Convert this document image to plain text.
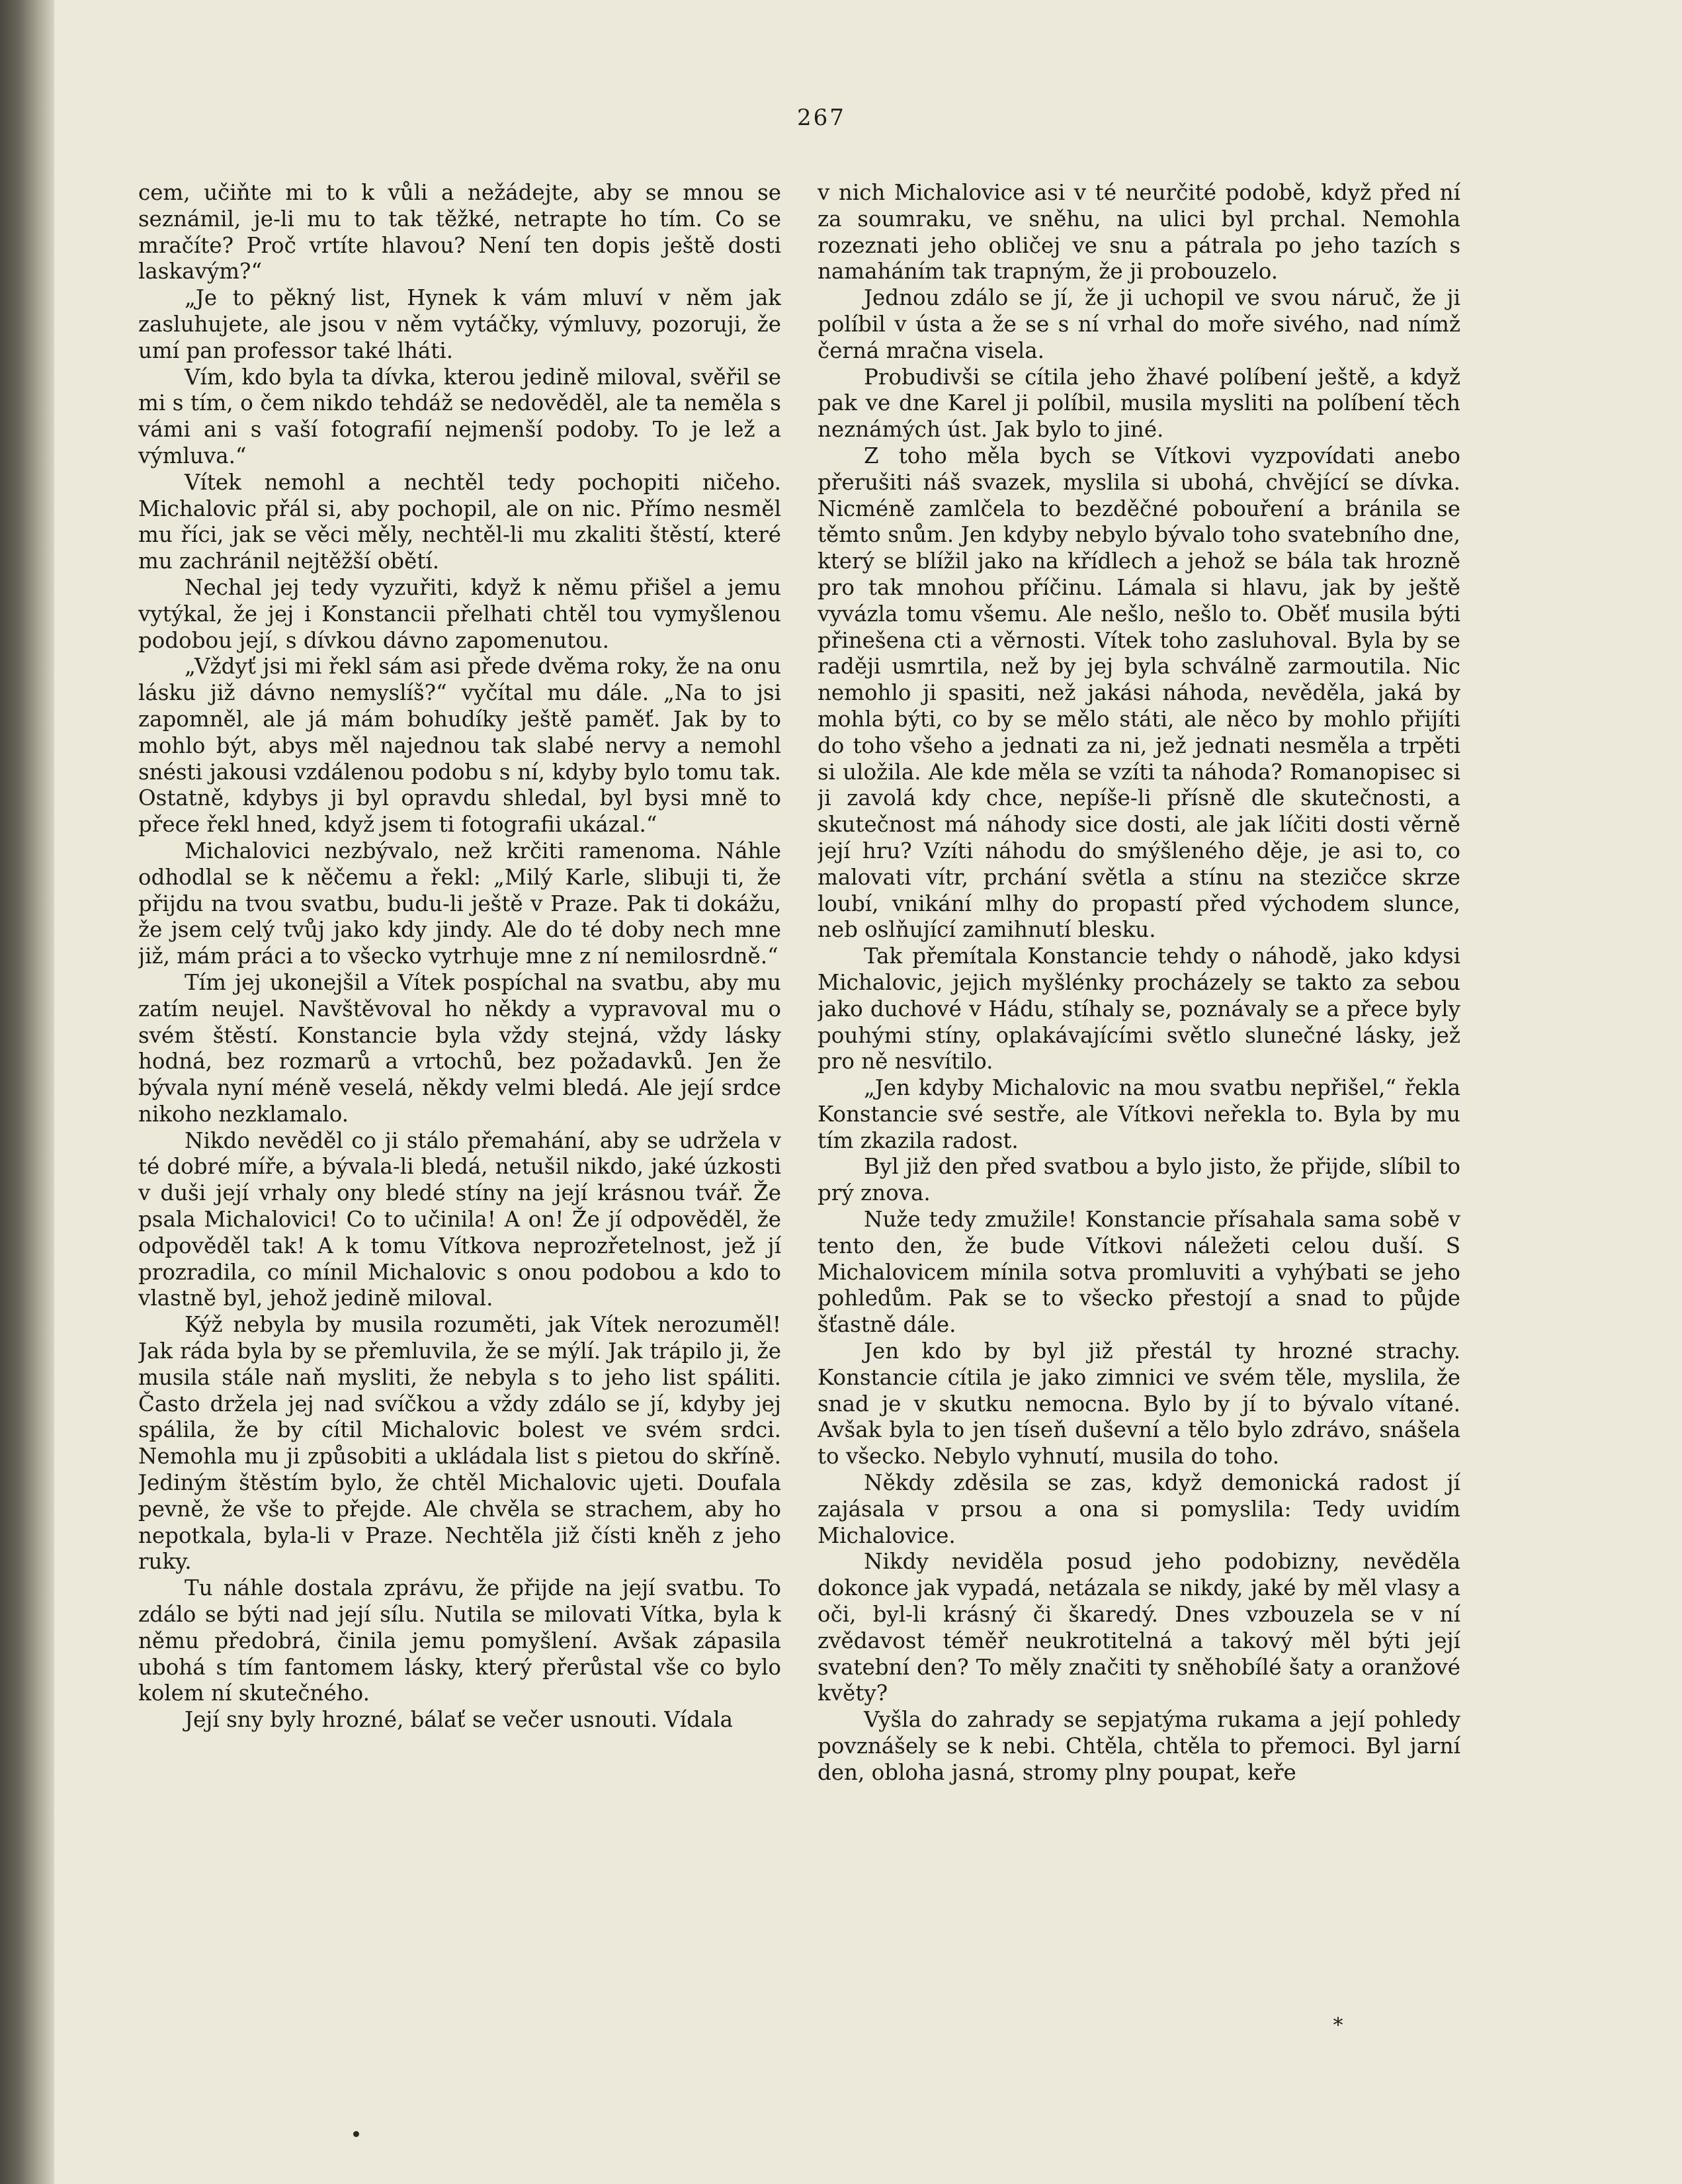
267

cem, učiňte mi to k vůli a nežádejte, aby se mnou se seznámil, je-li mu to tak těžké, netrapte ho tím. Co se mračíte? Proč vrtíte hlavou? Není ten dopis ještě dosti laskavým?“

„Je to pěkný list, Hynek k vám mluví v něm jak zasluhujete, ale jsou v něm vytáčky, výmluvy, pozoruji, že umí pan professor také lháti.

Vím, kdo byla ta dívka, kterou jedině miloval, svěřil se mi s tím, o čem nikdo tehdáž se nedověděl, ale ta neměla s vámi ani s vaší fotografií nejmenší podoby. To je lež a výmluva.“

Vítek nemohl a nechtěl tedy pochopiti ničeho. Michalovic přál si, aby pochopil, ale on nic. Přímo nesměl mu říci, jak se věci měly, nechtěl-li mu zkaliti štěstí, které mu zachránil nejtěžší obětí.

Nechal jej tedy vyzuřiti, když k němu přišel a jemu vytýkal, že jej i Konstancii přelhati chtěl tou vymyšlenou podobou její, s dívkou dávno zapomenutou.

„Vždyť jsi mi řekl sám asi přede dvěma roky, že na onu lásku již dávno nemyslíš?“ vyčítal mu dále. „Na to jsi zapomněl, ale já mám bohudíky ještě paměť. Jak by to mohlo být, abys měl najednou tak slabé nervy a nemohl snésti jakousi vzdálenou podobu s ní, kdyby bylo tomu tak. Ostatně, kdybys ji byl opravdu shledal, byl bysi mně to přece řekl hned, když jsem ti fotografii ukázal.“

Michalovici nezbývalo, než krčiti ramenoma. Náhle odhodlal se k něčemu a řekl: „Milý Karle, slibuji ti, že přijdu na tvou svatbu, budu-li ještě v Praze. Pak ti dokážu, že jsem celý tvůj jako kdy jindy. Ale do té doby nech mne již, mám práci a to všecko vytrhuje mne z ní nemilosrdně.“

Tím jej ukonejšil a Vítek pospíchal na svatbu, aby mu zatím neujel. Navštěvoval ho někdy a vypravoval mu o svém štěstí. Konstancie byla vždy stejná, vždy lásky hodná, bez rozmarů a vrtochů, bez požadavků. Jen že bývala nyní méně veselá, někdy velmi bledá. Ale její srdce nikoho nezklamalo.

Nikdo nevěděl co ji stálo přemahání, aby se udržela v té dobré míře, a bývala-li bledá, netušil nikdo, jaké úzkosti v duši její vrhaly ony bledé stíny na její krásnou tvář. Že psala Michalovici! Co to učinila! A on! Že jí odpověděl, že odpověděl tak! A k tomu Vítkova neprozřetelnost, jež jí prozradila, co mínil Michalovic s onou podobou a kdo to vlastně byl, jehož jedině miloval.

Kýž nebyla by musila rozuměti, jak Vítek nerozuměl! Jak ráda byla by se přemluvila, že se mýlí. Jak trápilo ji, že musila stále naň mysliti, že nebyla s to jeho list spáliti. Často držela jej nad svíčkou a vždy zdálo se jí, kdyby jej spálila, že by cítil Michalovic bolest ve svém srdci. Nemohla mu ji způsobiti a ukládala list s pietou do skříně. Jediným štěstím bylo, že chtěl Michalovic ujeti. Doufala pevně, že vše to přejde. Ale chvěla se strachem, aby ho nepotkala, byla-li v Praze. Nechtěla již čísti kněh z jeho ruky.

Tu náhle dostala zprávu, že přijde na její svatbu. To zdálo se býti nad její sílu. Nutila se milovati Vítka, byla k němu předobrá, činila jemu pomyšlení. Avšak zápasila ubohá s tím fantomem lásky, který přerůstal vše co bylo kolem ní skutečného.

Její sny byly hrozné, bálať se večer usnouti. Vídala

v nich Michalovice asi v té neurčité podobě, když před ní za soumraku, ve sněhu, na ulici byl prchal. Nemohla rozeznati jeho obličej ve snu a pátrala po jeho tazích s namaháním tak trapným, že ji probouzelo.

Jednou zdálo se jí, že ji uchopil ve svou náruč, že ji políbil v ústa a že se s ní vrhal do moře sivého, nad nímž černá mračna visela.

Probudivši se cítila jeho žhavé políbení ještě, a když pak ve dne Karel ji políbil, musila mysliti na políbení těch neznámých úst. Jak bylo to jiné.

Z toho měla bych se Vítkovi vyzpovídati anebo přerušiti náš svazek, myslila si ubohá, chvějící se dívka. Nicméně zamlčela to bezděčné pobouření a bránila se těmto snům. Jen kdyby nebylo bývalo toho svatebního dne, který se blížil jako na křídlech a jehož se bála tak hrozně pro tak mnohou příčinu. Lámala si hlavu, jak by ještě vyvázla tomu všemu. Ale nešlo, nešlo to. Oběť musila býti přinešena cti a věrnosti. Vítek toho zasluhoval. Byla by se raději usmrtila, než by jej byla schválně zarmoutila. Nic nemohlo ji spasiti, než jakási náhoda, nevěděla, jaká by mohla býti, co by se mělo státi, ale něco by mohlo přijíti do toho všeho a jednati za ni, jež jednati nesměla a trpěti si uložila. Ale kde měla se vzíti ta náhoda? Romanopisec si ji zavolá kdy chce, nepíše-li přísně dle skutečnosti, a skutečnost má náhody sice dosti, ale jak líčiti dosti věrně její hru? Vzíti náhodu do smýšleného děje, je asi to, co malovati vítr, prchání světla a stínu na stezičce skrze loubí, vnikání mlhy do propastí před východem slunce, neb oslňující zamihnutí blesku.

Tak přemítala Konstancie tehdy o náhodě, jako kdysi Michalovic, jejich myšlénky procházely se takto za sebou jako duchové v Hádu, stíhaly se, poznávaly se a přece byly pouhými stíny, oplakávajícími světlo slunečné lásky, jež pro ně nesvítilo.

„Jen kdyby Michalovic na mou svatbu nepřišel,“ řekla Konstancie své sestře, ale Vítkovi neřekla to. Byla by mu tím zkazila radost.

Byl již den před svatbou a bylo jisto, že přijde, slíbil to prý znova.

Nuže tedy zmužile! Konstancie přísahala sama sobě v tento den, že bude Vítkovi náležeti celou duší. S Michalovicem mínila sotva promluviti a vyhýbati se jeho pohledům. Pak se to všecko přestojí a snad to půjde šťastně dále.

Jen kdo by byl již přestál ty hrozné strachy. Konstancie cítila je jako zimnici ve svém těle, myslila, že snad je v skutku nemocna. Bylo by jí to bývalo vítané. Avšak byla to jen tíseň duševní a tělo bylo zdrávo, snášela to všecko. Nebylo vyhnutí, musila do toho.

Někdy zděsila se zas, když demonická radost jí zajásala v prsou a ona si pomyslila: Tedy uvidím Michalovice.

Nikdy neviděla posud jeho podobizny, nevěděla dokonce jak vypadá, netázala se nikdy, jaké by měl vlasy a oči, byl-li krásný či škaredý. Dnes vzbouzela se v ní zvědavost téměř neukrotitelná a takový měl býti její svatební den? To měly značiti ty sněhobílé šaty a oranžové květy?

Vyšla do zahrady se sepjatýma rukama a její pohledy povznášely se k nebi. Chtěla, chtěla to přemoci. Byl jarní den, obloha jasná, stromy plny poupat, keře

*
